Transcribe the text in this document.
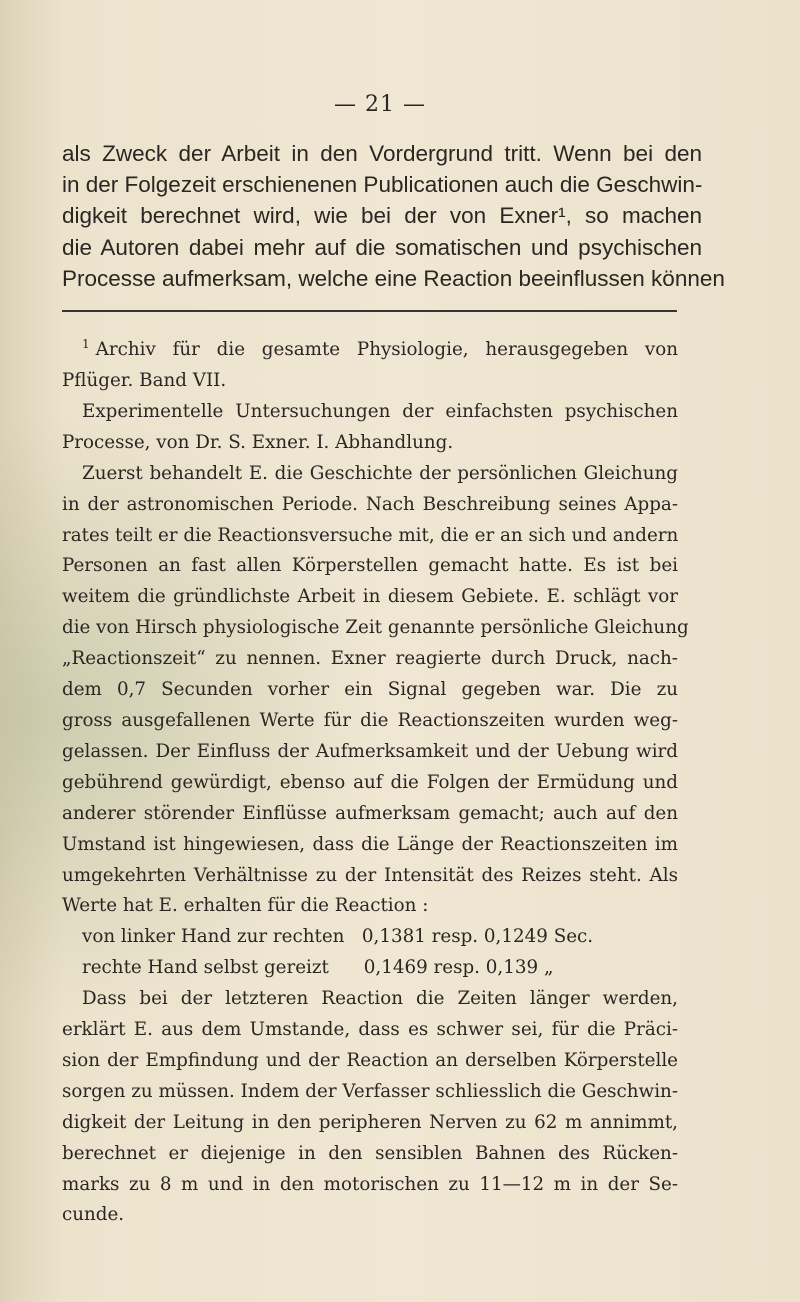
— 21 —
als Zweck der Arbeit in den Vordergrund tritt. Wenn bei den
in der Folgezeit erschienenen Publicationen auch die Geschwin-
digkeit berechnet wird, wie bei der von Exner¹, so machen
die Autoren dabei mehr auf die somatischen und psychischen
Processe aufmerksam, welche eine Reaction beeinflussen können
$^1$ Archiv für die gesamte Physiologie, herausgegeben von
Pflüger. Band VII.
Experimentelle Untersuchungen der einfachsten psychischen
Processe, von Dr. S. Exner. I. Abhandlung.
Zuerst behandelt E. die Geschichte der persönlichen Gleichung
in der astronomischen Periode. Nach Beschreibung seines Appa-
rates teilt er die Reactionsversuche mit, die er an sich und andern
Personen an fast allen Körperstellen gemacht hatte. Es ist bei
weitem die gründlichste Arbeit in diesem Gebiete. E. schlägt vor
die von Hirsch physiologische Zeit genannte persönliche Gleichung
„Reactionszeit“ zu nennen. Exner reagierte durch Druck, nach-
dem 0,7 Secunden vorher ein Signal gegeben war. Die zu
gross ausgefallenen Werte für die Reactionszeiten wurden weg-
gelassen. Der Einfluss der Aufmerksamkeit und der Uebung wird
gebührend gewürdigt, ebenso auf die Folgen der Ermüdung und
anderer störender Einflüsse aufmerksam gemacht; auch auf den
Umstand ist hingewiesen, dass die Länge der Reactionszeiten im
umgekehrten Verhältnisse zu der Intensität des Reizes steht. Als
Werte hat E. erhalten für die Reaction :
von linker Hand zur rechten 0,1381 resp. 0,1249 Sec.
rechte Hand selbst gereizt 0,1469 resp. 0,139 „
Dass bei der letzteren Reaction die Zeiten länger werden,
erklärt E. aus dem Umstande, dass es schwer sei, für die Präci-
sion der Empfindung und der Reaction an derselben Körperstelle
sorgen zu müssen. Indem der Verfasser schliesslich die Geschwin-
digkeit der Leitung in den peripheren Nerven zu 62 m annimmt,
berechnet er diejenige in den sensiblen Bahnen des Rücken-
marks zu 8 m und in den motorischen zu 11—12 m in der Se-
cunde.
